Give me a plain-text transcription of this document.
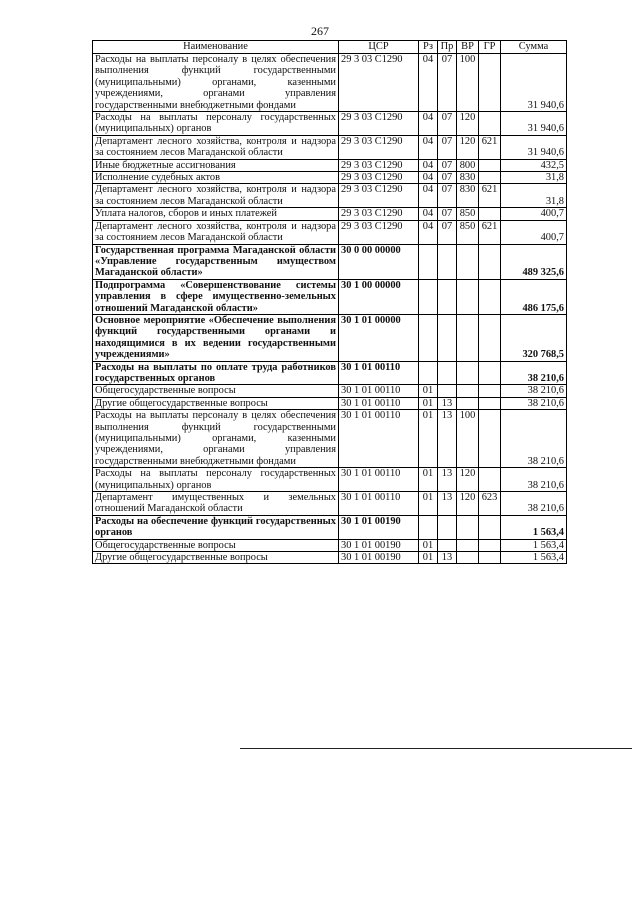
267
Наименование	ЦСР	Рз	Пр	ВР	ГР	Сумма
Расходы на выплаты персоналу в целях обеспечения выполнения функций государственными (муниципальными) органами, казенными учреждениями, органами управления государственными внебюджетными фондами	29 3 03 С1290	04	07	100		31 940,6
Расходы на выплаты персоналу государственных (муниципальных) органов	29 3 03 С1290	04	07	120		31 940,6
Департамент лесного хозяйства, контроля и надзора за состоянием лесов Магаданской области	29 3 03 С1290	04	07	120	621	31 940,6
Иные бюджетные ассигнования	29 3 03 С1290	04	07	800		432,5
Исполнение судебных актов	29 3 03 С1290	04	07	830		31,8
Департамент лесного хозяйства, контроля и надзора за состоянием лесов Магаданской области	29 3 03 С1290	04	07	830	621	31,8
Уплата налогов, сборов и иных платежей	29 3 03 С1290	04	07	850		400,7
Департамент лесного хозяйства, контроля и надзора за состоянием лесов Магаданской области	29 3 03 С1290	04	07	850	621	400,7
Государственная программа Магаданской области «Управление государственным имуществом Магаданской области»	30 0 00 00000					489 325,6
Подпрограмма «Совершенствование системы управления в сфере имущественно-земельных отношений Магаданской области»	30 1 00 00000					486 175,6
Основное мероприятие «Обеспечение выполнения функций государственными органами и находящимися в их ведении государственными учреждениями»	30 1 01 00000					320 768,5
Расходы на выплаты по оплате труда работников государственных органов	30 1 01 00110					38 210,6
Общегосударственные вопросы	30 1 01 00110	01				38 210,6
Другие общегосударственные вопросы	30 1 01 00110	01	13			38 210,6
Расходы на выплаты персоналу в целях обеспечения выполнения функций государственными (муниципальными) органами, казенными учреждениями, органами управления государственными внебюджетными фондами	30 1 01 00110	01	13	100		38 210,6
Расходы на выплаты персоналу государственных (муниципальных) органов	30 1 01 00110	01	13	120		38 210,6
Департамент имущественных и земельных отношений Магаданской области	30 1 01 00110	01	13	120	623	38 210,6
Расходы на обеспечение функций государственных органов	30 1 01 00190					1 563,4
Общегосударственные вопросы	30 1 01 00190	01				1 563,4
Другие общегосударственные вопросы	30 1 01 00190	01	13			1 563,4
